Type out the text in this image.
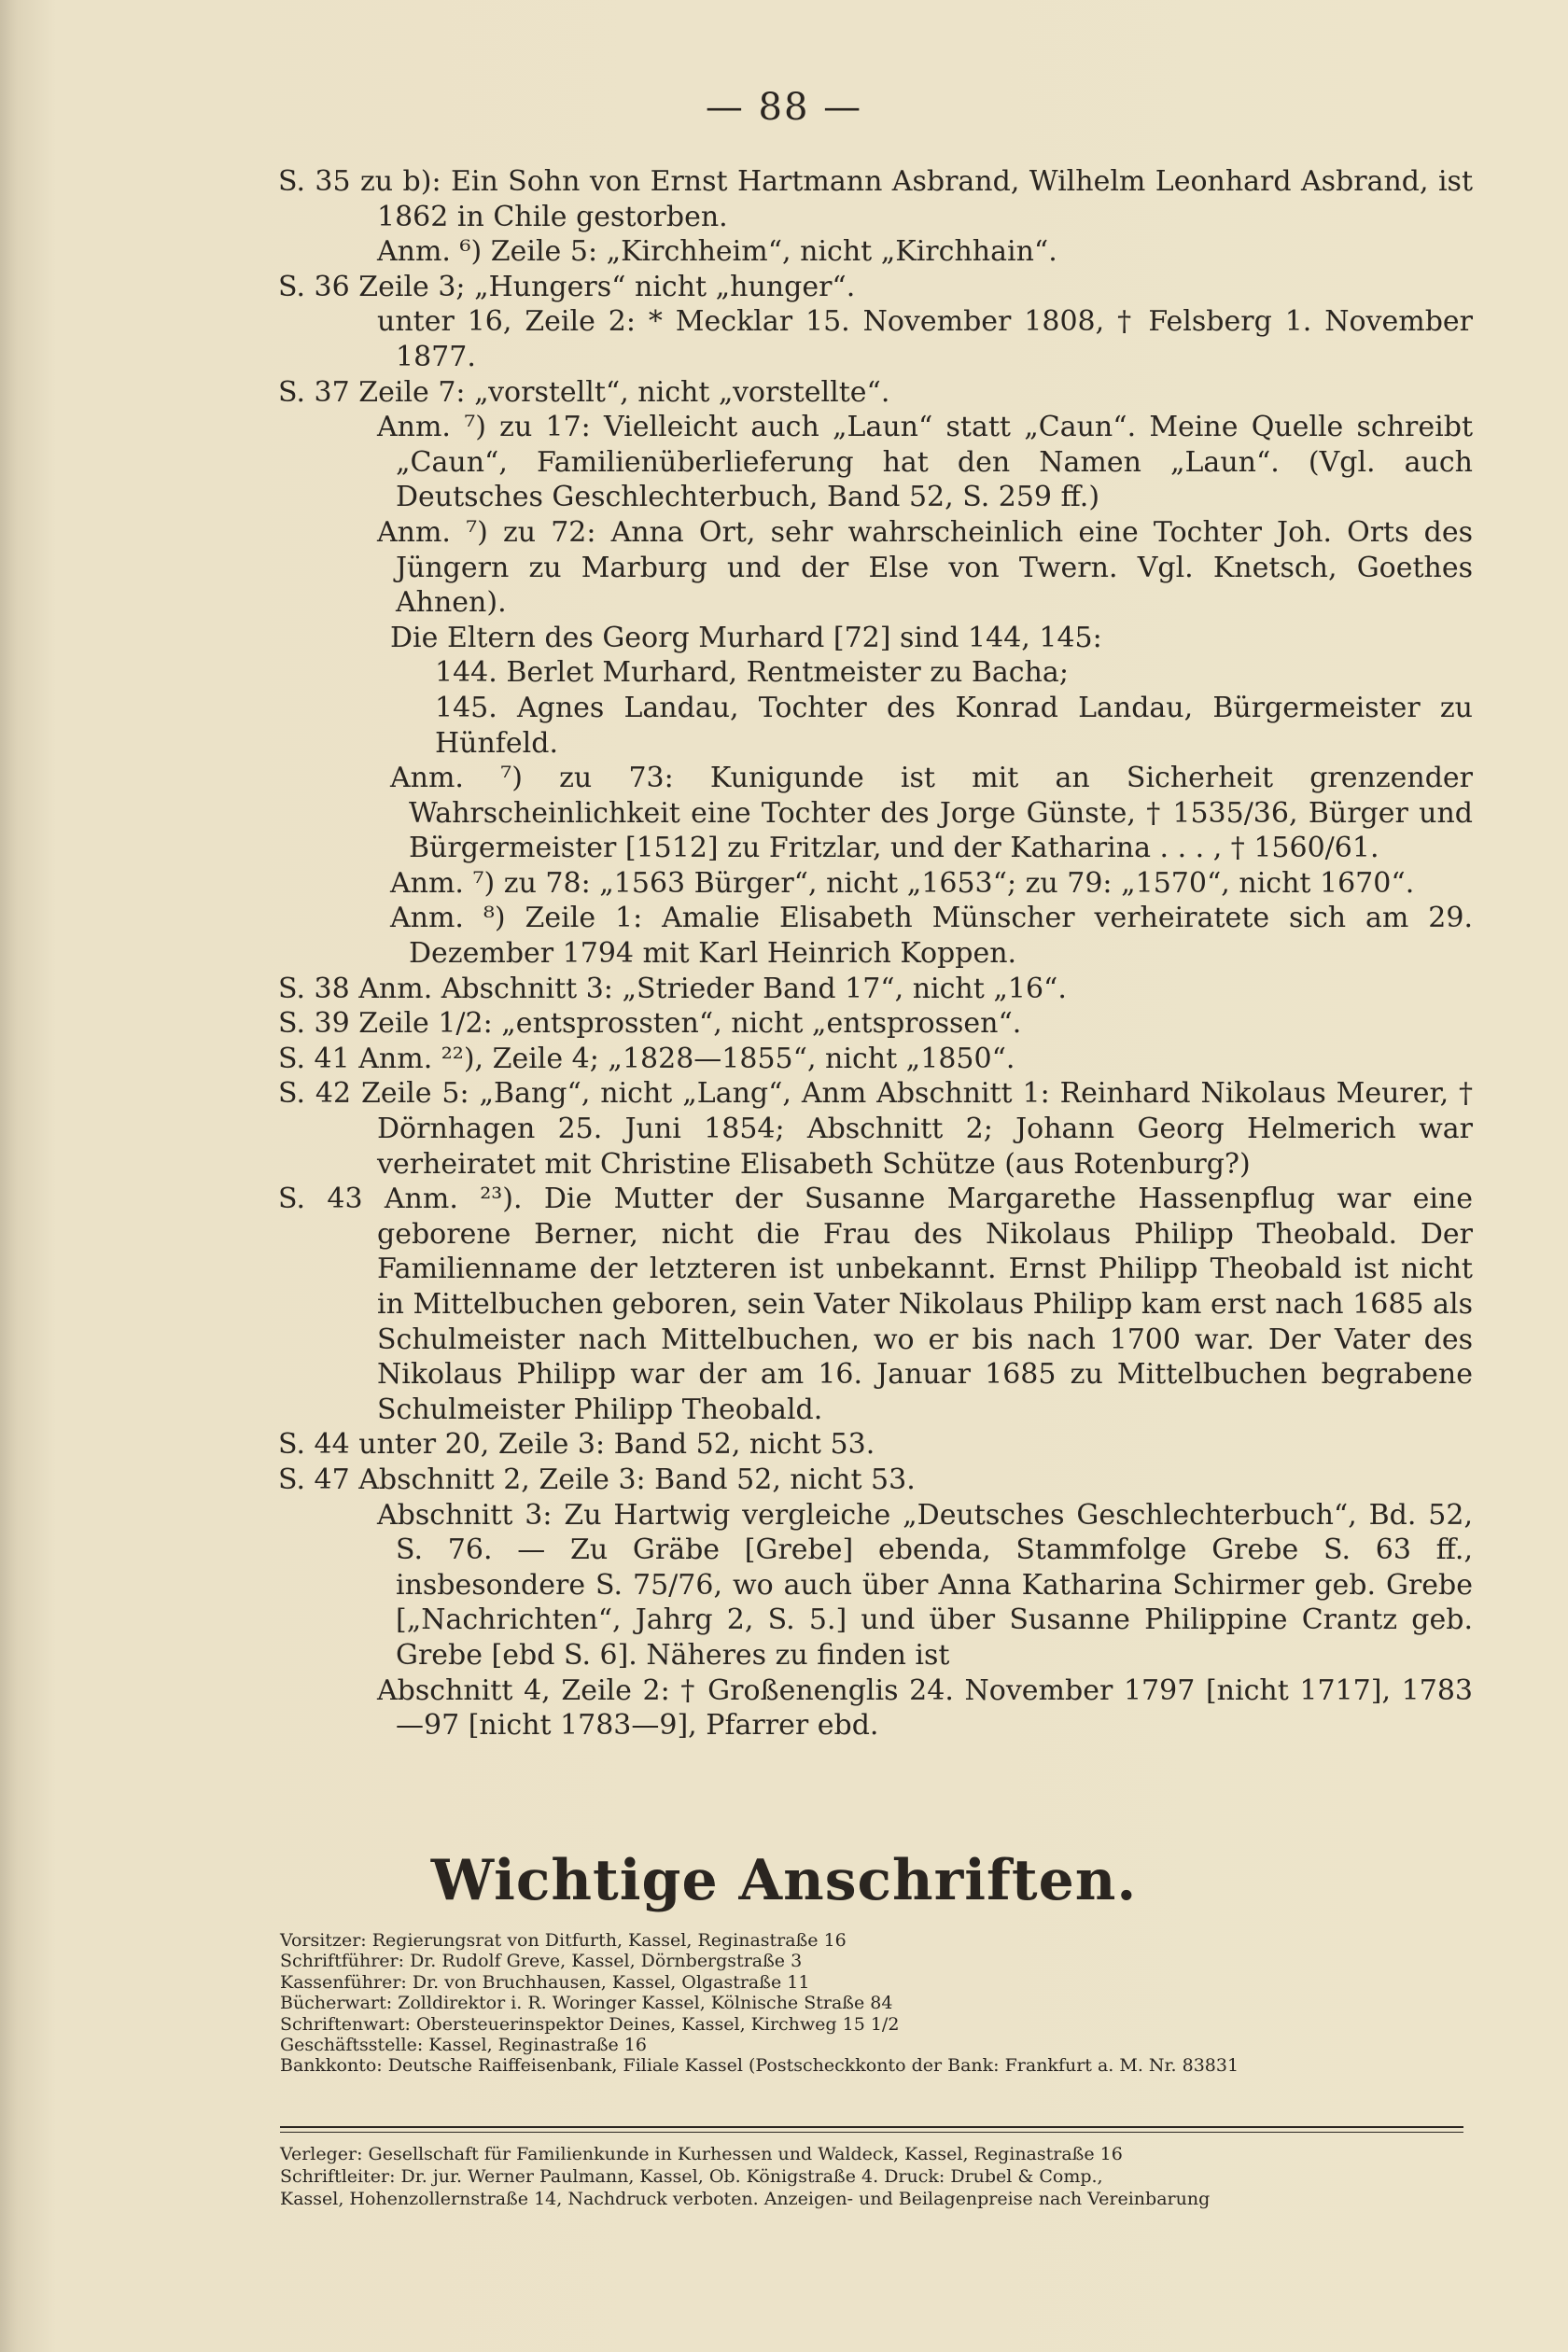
— 88 —

S. 35 zu b): Ein Sohn von Ernst Hartmann Asbrand, Wilhelm Leonhard Asbrand, ist 1862 in Chile gestorben.

Anm. ⁶) Zeile 5: „Kirchheim“, nicht „Kirchhain“.

S. 36 Zeile 3; „Hungers“ nicht „hunger“.

unter 16, Zeile 2: * Mecklar 15. November 1808, † Felsberg 1. November 1877.

S. 37 Zeile 7: „vorstellt“, nicht „vorstellte“.

Anm. ⁷) zu 17: Vielleicht auch „Laun“ statt „Caun“. Meine Quelle schreibt „Caun“, Familienüberlieferung hat den Namen „Laun“. (Vgl. auch Deutsches Geschlechterbuch, Band 52, S. 259 ff.)

Anm. ⁷) zu 72: Anna Ort, sehr wahrscheinlich eine Tochter Joh. Orts des Jüngern zu Marburg und der Else von Twern. Vgl. Knetsch, Goethes Ahnen).

Die Eltern des Georg Murhard [72] sind 144, 145:

144. Berlet Murhard, Rentmeister zu Bacha;

145. Agnes Landau, Tochter des Konrad Landau, Bürgermeister zu Hünfeld.

Anm. ⁷) zu 73: Kunigunde ist mit an Sicherheit grenzender Wahrscheinlichkeit eine Tochter des Jorge Günste, † 1535/36, Bürger und Bürgermeister [1512] zu Fritzlar, und der Katharina . . . , † 1560/61.

Anm. ⁷) zu 78: „1563 Bürger“, nicht „1653“; zu 79: „1570“, nicht 1670“.

Anm. ⁸) Zeile 1: Amalie Elisabeth Münscher verheiratete sich am 29. Dezember 1794 mit Karl Heinrich Koppen.

S. 38 Anm. Abschnitt 3: „Strieder Band 17“, nicht „16“.

S. 39 Zeile 1/2: „entsprossten“, nicht „entsprossen“.

S. 41 Anm. ²²), Zeile 4; „1828—1855“, nicht „1850“.

S. 42 Zeile 5: „Bang“, nicht „Lang“, Anm Abschnitt 1: Reinhard Nikolaus Meurer, † Dörnhagen 25. Juni 1854; Abschnitt 2; Johann Georg Helmerich war verheiratet mit Christine Elisabeth Schütze (aus Rotenburg?)

S. 43 Anm. ²³). Die Mutter der Susanne Margarethe Hassenpflug war eine geborene Berner, nicht die Frau des Nikolaus Philipp Theobald. Der Familienname der letzteren ist unbekannt. Ernst Philipp Theobald ist nicht in Mittelbuchen geboren, sein Vater Nikolaus Philipp kam erst nach 1685 als Schulmeister nach Mittelbuchen, wo er bis nach 1700 war. Der Vater des Nikolaus Philipp war der am 16. Januar 1685 zu Mittelbuchen begrabene Schulmeister Philipp Theobald.

S. 44 unter 20, Zeile 3: Band 52, nicht 53.

S. 47 Abschnitt 2, Zeile 3: Band 52, nicht 53.

Abschnitt 3: Zu Hartwig vergleiche „Deutsches Geschlechterbuch“, Bd. 52, S. 76. — Zu Gräbe [Grebe] ebenda, Stammfolge Grebe S. 63 ff., insbesondere S. 75/76, wo auch über Anna Katharina Schirmer geb. Grebe [„Nachrichten“, Jahrg 2, S. 5.] und über Susanne Philippine Crantz geb. Grebe [ebd S. 6]. Näheres zu finden ist

Abschnitt 4, Zeile 2: † Großenenglis 24. November 1797 [nicht 1717], 1783—97 [nicht 1783—9], Pfarrer ebd.

Wichtige Anschriften.
Vorsitzer: Regierungsrat von Ditfurth, Kassel, Reginastraße 16
Schriftführer: Dr. Rudolf Greve, Kassel, Dörnbergstraße 3
Kassenführer: Dr. von Bruchhausen, Kassel, Olgastraße 11
Bücherwart: Zolldirektor i. R. Woringer Kassel, Kölnische Straße 84
Schriftenwart: Obersteuerinspektor Deines, Kassel, Kirchweg 15 1/2
Geschäftsstelle: Kassel, Reginastraße 16
Bankkonto: Deutsche Raiffeisenbank, Filiale Kassel (Postscheckkonto der Bank: Frankfurt a. M. Nr. 83831
Verleger: Gesellschaft für Familienkunde in Kurhessen und Waldeck, Kassel, Reginastraße 16
Schriftleiter: Dr. jur. Werner Paulmann, Kassel, Ob. Königstraße 4. Druck: Drubel & Comp.,
Kassel, Hohenzollernstraße 14, Nachdruck verboten. Anzeigen- und Beilagenpreise nach Vereinbarung
